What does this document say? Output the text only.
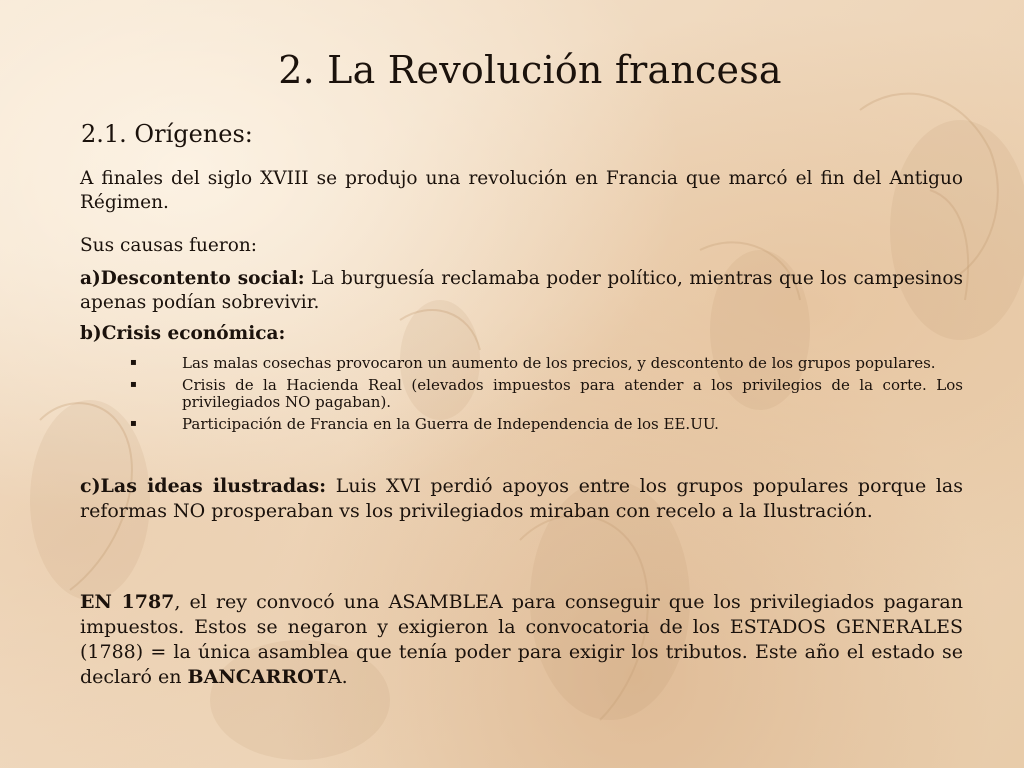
2. La Revolución francesa
2.1. Orígenes:
A finales del siglo XVIII se produjo una revolución en Francia que marcó el fin del Antiguo Régimen.
Sus causas fueron:
a)Descontento social: La burguesía reclamaba poder político, mientras que los campesinos apenas podían sobrevivir.
b)Crisis económica:
▪	Las malas cosechas provocaron un aumento de los precios, y descontento de los grupos populares.
▪	Crisis de la Hacienda Real (elevados impuestos para atender a los privilegios de la corte. Los privilegiados NO pagaban).
▪	Participación de Francia en la Guerra de Independencia de los EE.UU.
c)Las ideas ilustradas: Luis XVI perdió apoyos entre los grupos populares porque las reformas NO prosperaban vs los privilegiados miraban con recelo a la Ilustración.
EN 1787, el rey convocó una ASAMBLEA para conseguir que los privilegiados pagaran impuestos. Estos se negaron y exigieron la convocatoria de los ESTADOS GENERALES (1788) = la única asamblea que tenía poder para exigir los tributos. Este año el estado se declaró en BANCARROTA.
